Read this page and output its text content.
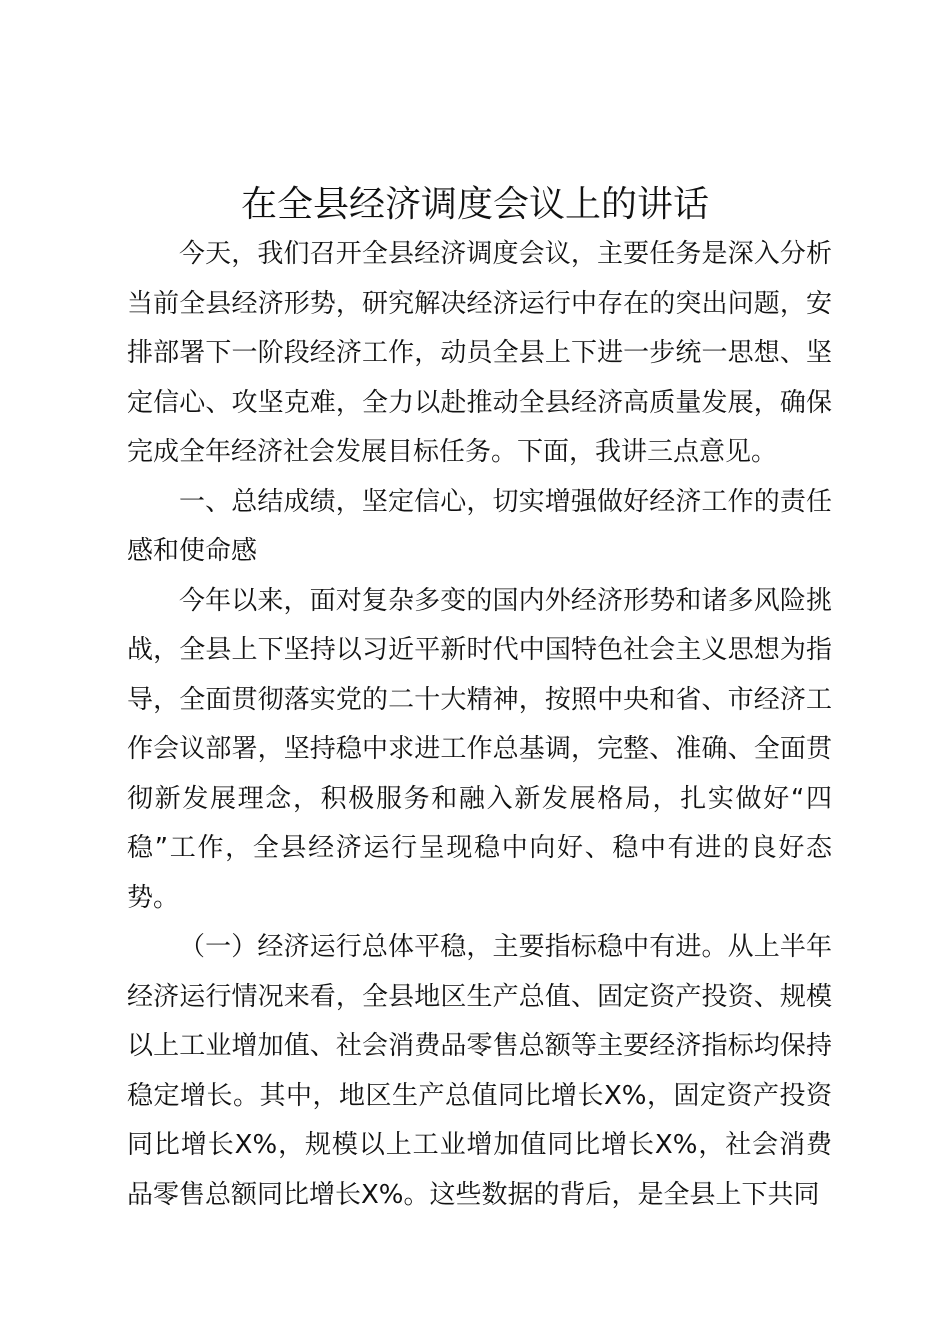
在全县经济调度会议上的讲话

今天，我们召开全县经济调度会议，主要任务是深入分析当前全县经济形势，研究解决经济运行中存在的突出问题，安排部署下一阶段经济工作，动员全县上下进一步统一思想、坚定信心、攻坚克难，全力以赴推动全县经济高质量发展，确保完成全年经济社会发展目标任务。下面，我讲三点意见。

一、总结成绩，坚定信心，切实增强做好经济工作的责任感和使命感

今年以来，面对复杂多变的国内外经济形势和诸多风险挑战，全县上下坚持以习近平新时代中国特色社会主义思想为指导，全面贯彻落实党的二十大精神，按照中央和省、市经济工作会议部署，坚持稳中求进工作总基调，完整、准确、全面贯彻新发展理念，积极服务和融入新发展格局，扎实做好“四稳”工作，全县经济运行呈现稳中向好、稳中有进的良好态势。

（一）经济运行总体平稳，主要指标稳中有进。从上半年经济运行情况来看，全县地区生产总值、固定资产投资、规模以上工业增加值、社会消费品零售总额等主要经济指标均保持稳定增长。其中，地区生产总值同比增长X%，固定资产投资同比增长X%，规模以上工业增加值同比增长X%，社会消费品零售总额同比增长X%。这些数据的背后，是全县上下共同
